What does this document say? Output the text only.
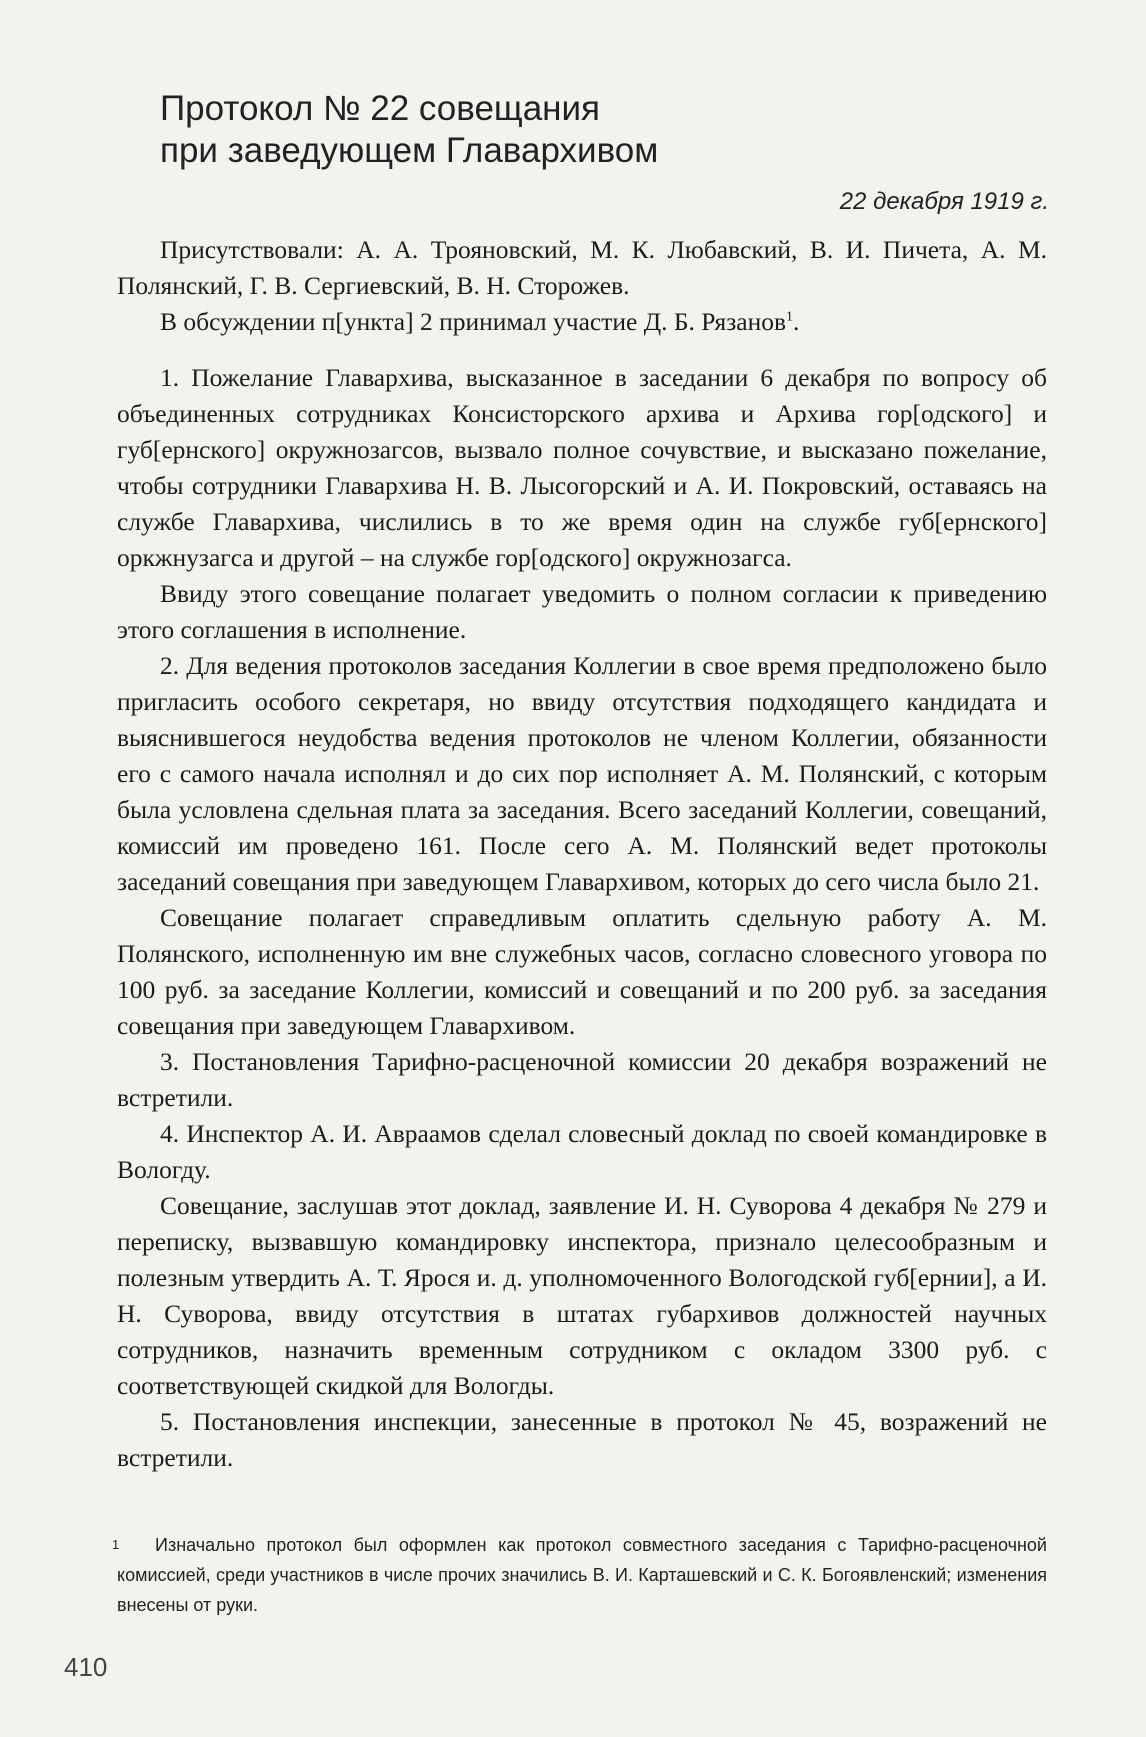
Протокол № 22 совещания
при заведующем Главархивом
22 декабря 1919 г.

Присутствовали: А. А. Трояновский, М. К. Любавский, В. И. Пичета, А. М. Полянский, Г. В. Сергиевский, В. Н. Сторожев.

В обсуждении п[ункта] 2 принимал участие Д. Б. Рязанов$^1$.

1. Пожелание Главархива, высказанное в заседании 6 декабря по вопросу об объединенных сотрудниках Консисторского архива и Архива гор[одского] и губ[ернского] окружнозагсов, вызвало полное сочувствие, и высказано пожелание, чтобы сотрудники Главархива Н. В. Лысогорский и А. И. Покровский, оставаясь на службе Главархива, числились в то же время один на службе губ[ернского] оркжнузагса и другой – на службе гор[одского] окружнозагса.

Ввиду этого совещание полагает уведомить о полном согласии к приведению этого соглашения в исполнение.

2. Для ведения протоколов заседания Коллегии в свое время предположено было пригласить особого секретаря, но ввиду отсутствия подходящего кандидата и выяснившегося неудобства ведения протоколов не членом Коллегии, обязанности его с самого начала исполнял и до сих пор исполняет А. М. Полянский, с которым была условлена сдельная плата за заседания. Всего заседаний Коллегии, совещаний, комиссий им проведено 161. После сего А. М. Полянский ведет протоколы заседаний совещания при заведующем Главархивом, которых до сего числа было 21.

Совещание полагает справедливым оплатить сдельную работу А. М. Полянского, исполненную им вне служебных часов, согласно словесного уговора по 100 руб. за заседание Коллегии, комиссий и совещаний и по 200 руб. за заседания совещания при заведующем Главархивом.

3. Постановления Тарифно-расценочной комиссии 20 декабря возражений не встретили.

4. Инспектор А. И. Авраамов сделал словесный доклад по своей командировке в Вологду.

Совещание, заслушав этот доклад, заявление И. Н. Суворова 4 декабря № 279 и переписку, вызвавшую командировку инспектора, признало целесообразным и полезным утвердить А. Т. Ярося и. д. уполномоченного Вологодской губ[ернии], а И. Н. Суворова, ввиду отсутствия в штатах губархивов должностей научных сотрудников, назначить временным сотрудником с окладом 3300 руб. с соответствующей скидкой для Вологды.

5. Постановления инспекции, занесенные в протокол № 45, возражений не встретили.

1 Изначально протокол был оформлен как протокол совместного заседания с Тарифно-расценочной комиссией, среди участников в числе прочих значились В. И. Карташевский и С. К. Богоявленский; изменения внесены от руки.

410
